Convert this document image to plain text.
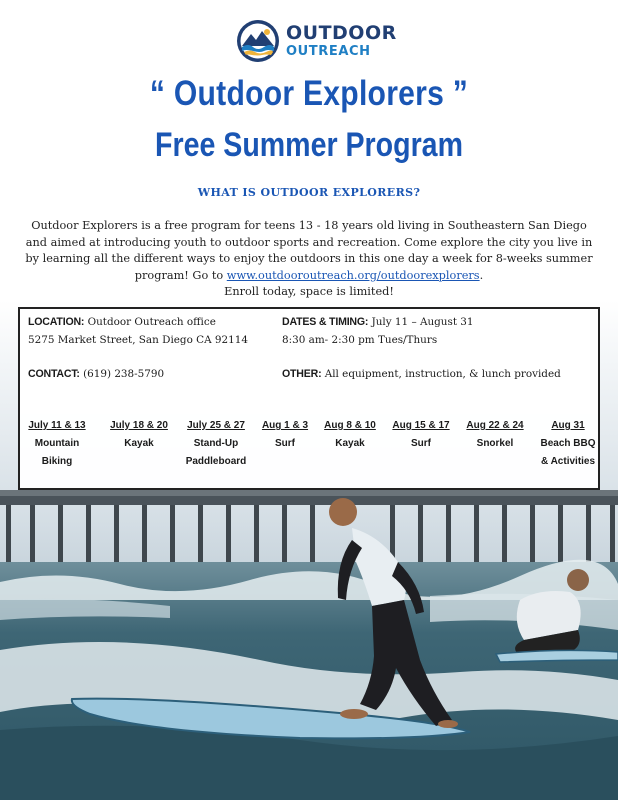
OUTDOOR
OUTREACH
“ Outdoor Explorers ”
Free Summer Program
WHAT IS OUTDOOR EXPLORERS?
Outdoor Explorers is a free program for teens 13 - 18 years old living in Southeastern San Diego and aimed at introducing youth to outdoor sports and recreation. Come explore the city you live in by learning all the different ways to enjoy the outdoors in this one day a week for 8-weeks summer program! Go to www.outdooroutreach.org/outdoorexplorers.
Enroll today, space is limited!
LOCATION: Outdoor Outreach office
5275 Market Street, San Diego CA 92114
DATES & TIMING: July 11 – August 31
8:30 am- 2:30 pm Tues/Thurs
CONTACT: (619) 238-5790	OTHER: All equipment, instruction, & lunch provided
July 11 & 13
Mountain Biking
July 18 & 20
Kayak
July 25 & 27
Stand-Up Paddleboard
Aug 1 & 3
Surf
Aug 8 & 10
Kayak
Aug 15 & 17
Surf
Aug 22 & 24
Snorkel
Aug 31
Beach BBQ & Activities
